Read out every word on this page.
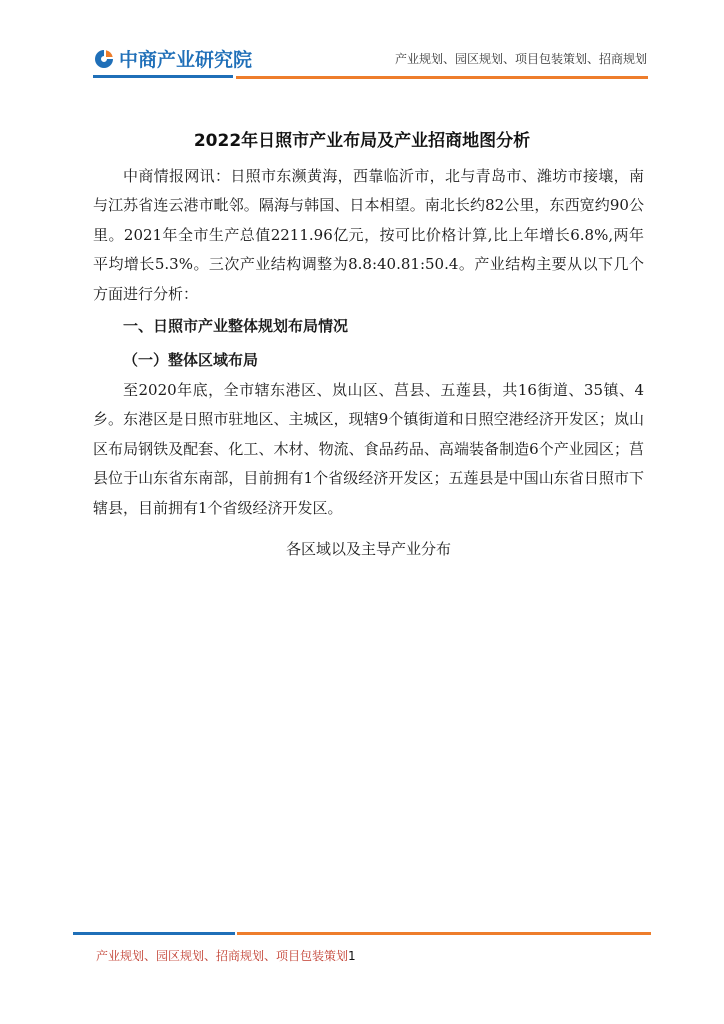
中商产业研究院	产业规划、园区规划、项目包装策划、招商规划
2022年日照市产业布局及产业招商地图分析

中商情报网讯：日照市东濒黄海，西靠临沂市，北与青岛市、潍坊市接壤，南与江苏省连云港市毗邻。隔海与韩国、日本相望。南北长约82公里，东西宽约90公里。2021年全市生产总值2211.96亿元，按可比价格计算,比上年增长6.8%,两年平均增长5.3%。三次产业结构调整为8.8:40.81:50.4。产业结构主要从以下几个方面进行分析：

一、日照市产业整体规划布局情况

（一）整体区域布局

至2020年底，全市辖东港区、岚山区、莒县、五莲县，共16街道、35镇、4乡。东港区是日照市驻地区、主城区，现辖9个镇街道和日照空港经济开发区；岚山区布局钢铁及配套、化工、木材、物流、食品药品、高端装备制造6个产业园区；莒县位于山东省东南部，目前拥有1个省级经济开发区；五莲县是中国山东省日照市下辖县，目前拥有1个省级经济开发区。

各区域以及主导产业分布

产业规划、园区规划、招商规划、项目包装策划1
